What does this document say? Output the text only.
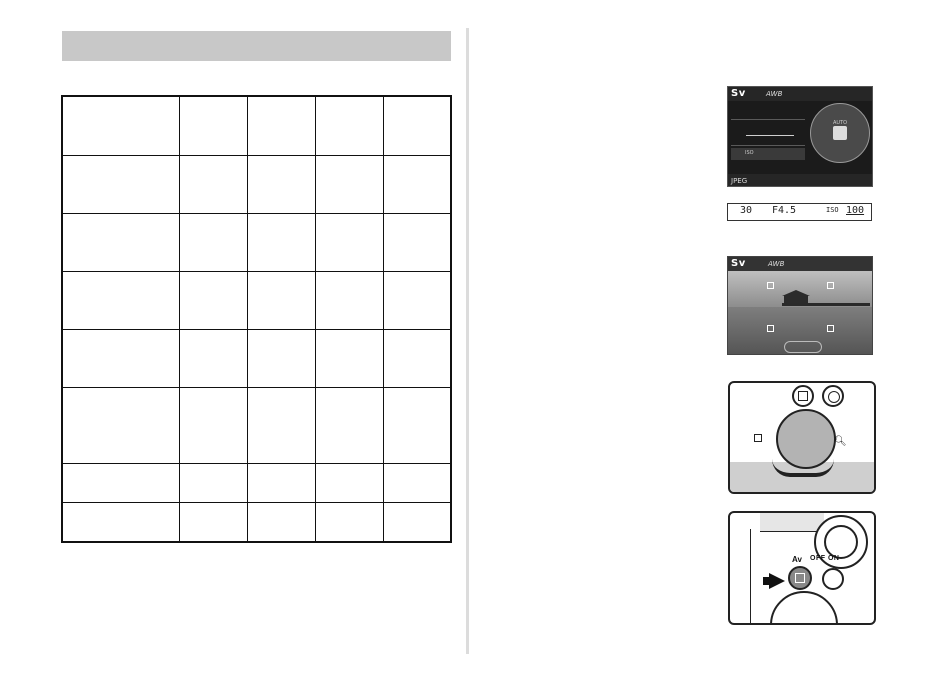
Sv	AWB
ISO
AUTO
JPEG
30 F4.5	ISO 100
Sv	AWB
🔍︎
OFF ON
Av
